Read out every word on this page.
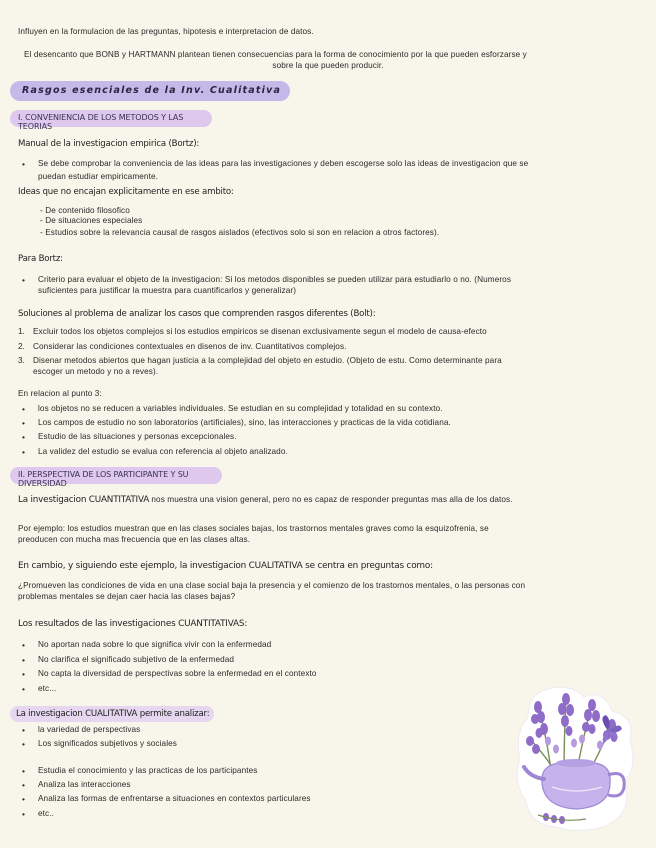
Influyen en la formulacion de las preguntas, hipotesis e interpretacion de datos.
El desencanto que BONB y HARTMANN plantean tienen consecuencias para la forma de conocimiento por la que pueden esforzarse y
sobre la que pueden producir.
Rasgos esenciales de la Inv. Cualitativa
I. CONVENIENCIA DE LOS METODOS Y LAS TEORIAS
Manual de la investigacion empirica (Bortz):
• Se debe comprobar la conveniencia de las ideas para las investigaciones y deben escogerse solo las ideas de investigacion que se
puedan estudiar empiricamente.
Ideas que no encajan explicitamente en ese ambito:
- De contenido filosofico
- De situaciones especiales
- Estudios sobre la relevancia causal de rasgos aislados (efectivos solo si son en relacion a otros factores).
Para Bortz:
• Criterio para evaluar el objeto de la investigacion: Si los metodos disponibles se pueden utilizar para estudiarlo o no. (Numeros
suficientes para justificar la muestra para cuantificarlos y generalizar)
Soluciones al problema de analizar los casos que comprenden rasgos diferentes (Bolt):
1. Excluir todos los objetos complejos si los estudios empiricos se disenan exclusivamente segun el modelo de causa-efecto
2. Considerar las condiciones contextuales en disenos de inv. Cuantitativos complejos.
3. Disenar metodos abiertos que hagan justicia a la complejidad del objeto en estudio. (Objeto de estu. Como determinante para
escoger un metodo y no a reves).
En relacion al punto 3:
• los objetos no se reducen a variables individuales. Se estudian en su complejidad y totalidad en su contexto.
• Los campos de estudio no son laboratorios (artificiales), sino, las interacciones y practicas de la vida cotidiana.
• Estudio de las situaciones y personas excepcionales.
• La validez del estudio se evalua con referencia al objeto analizado.
II. PERSPECTIVA DE LOS PARTICIPANTE Y SU DIVERSIDAD
La investigacion CUANTITATIVA nos muestra una vision general, pero no es capaz de responder preguntas mas alla de los datos.
Por ejemplo: los estudios muestran que en las clases sociales bajas, los trastornos mentales graves como la esquizofrenia, se
preoducen con mucha mas frecuencia que en las clases altas.
En cambio, y siguiendo este ejemplo, la investigacion CUALITATIVA se centra en preguntas como:
¿Promueven las condiciones de vida en una clase social baja la presencia y el comienzo de los trastornos mentales, o las personas con
problemas mentales se dejan caer hacia las clases bajas?
Los resultados de las investigaciones CUANTITATIVAS:
• No aportan nada sobre lo que significa vivir con la enfermedad
• No clarifica el significado subjetivo de la enfermedad
• No capta la diversidad de perspectivas sobre la enfermedad en el contexto
• etc...
La investigacion CUALITATIVA permite analizar:
• la variedad de perspectivas
• Los significados subjetivos y sociales
• Estudia el conocimiento y las practicas de los participantes
• Analiza las interacciones
• Analiza las formas de enfrentarse a situaciones en contextos particulares
• etc..
